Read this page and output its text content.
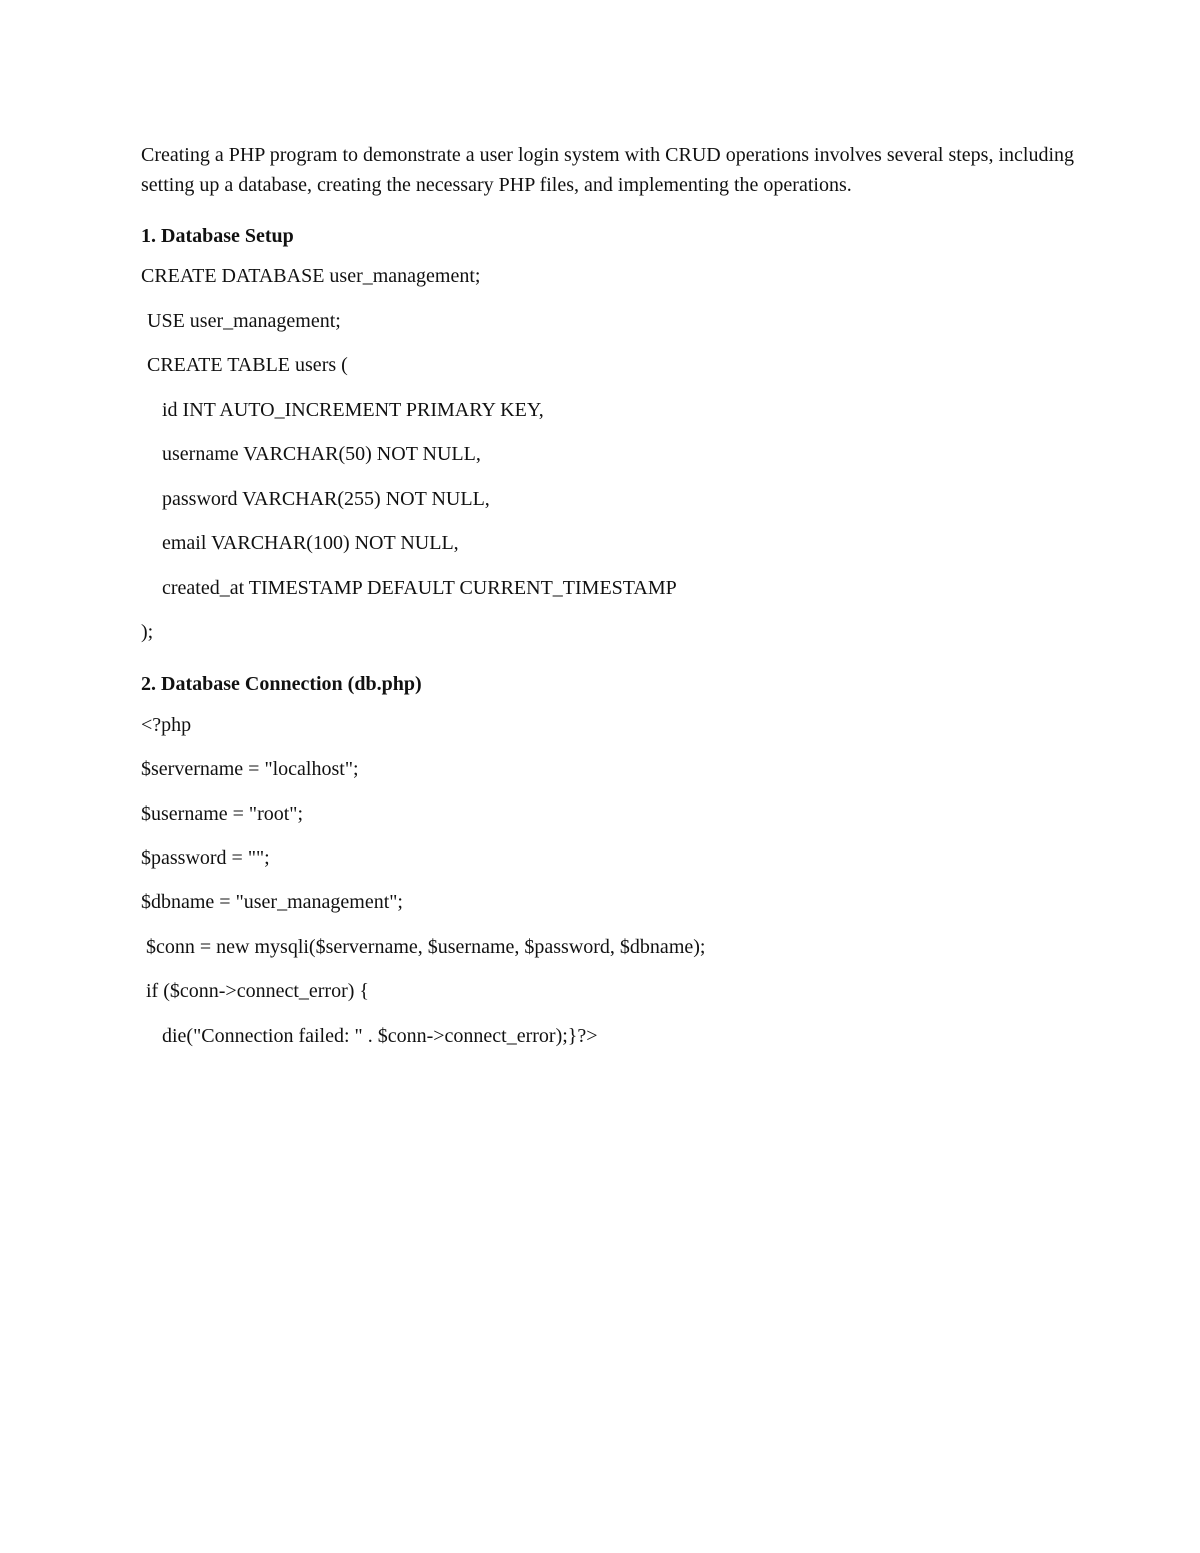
Creating a PHP program to demonstrate a user login system with CRUD operations involves several steps, including setting up a database, creating the necessary PHP files, and implementing the operations.

1. Database Setup

CREATE DATABASE user_management;

USE user_management;

CREATE TABLE users (

id INT AUTO_INCREMENT PRIMARY KEY,

username VARCHAR(50) NOT NULL,

password VARCHAR(255) NOT NULL,

email VARCHAR(100) NOT NULL,

created_at TIMESTAMP DEFAULT CURRENT_TIMESTAMP

);

2. Database Connection (db.php)

<?php

$servername = "localhost";

$username = "root";

$password = "";

$dbname = "user_management";

$conn = new mysqli($servername, $username, $password, $dbname);

if ($conn->connect_error) {

die("Connection failed: " . $conn->connect_error);}?>
